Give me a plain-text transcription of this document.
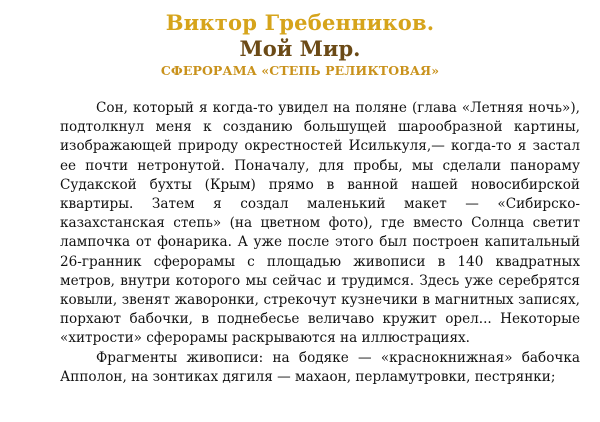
Виктор Гребенников.
Мой Мир.
СФЕРОРАМА «СТЕПЬ РЕЛИКТОВАЯ»

Сон, который я когда-то увидел на поляне (глава «Летняя ночь»), подтолкнул меня к созданию большущей шарообразной картины, изображающей природу окрестностей Исилькуля,— когда-то я застал ее почти нетронутой. Поначалу, для пробы, мы сделали панораму Судакской бухты (Крым) прямо в ванной нашей новосибирской квартиры. Затем я создал маленький макет — «Сибирско-казахстанская степь» (на цветном фото), где вместо Солнца светит лампочка от фонарика. А уже после этого был построен капитальный 26-гранник сферорамы с площадью живописи в 140 квадратных метров, внутри которого мы сейчас и трудимся. Здесь уже серебрятся ковыли, звенят жаворонки, стрекочут кузнечики в магнитных записях, порхают бабочки, в поднебесье величаво кружит орел... Некоторые «хитрости» сферорамы раскрываются на иллюстрациях.

Фрагменты живописи: на бодяке — «краснокнижная» бабочка Апполон, на зонтиках дягиля — махаон, перламутровки, пестрянки;
